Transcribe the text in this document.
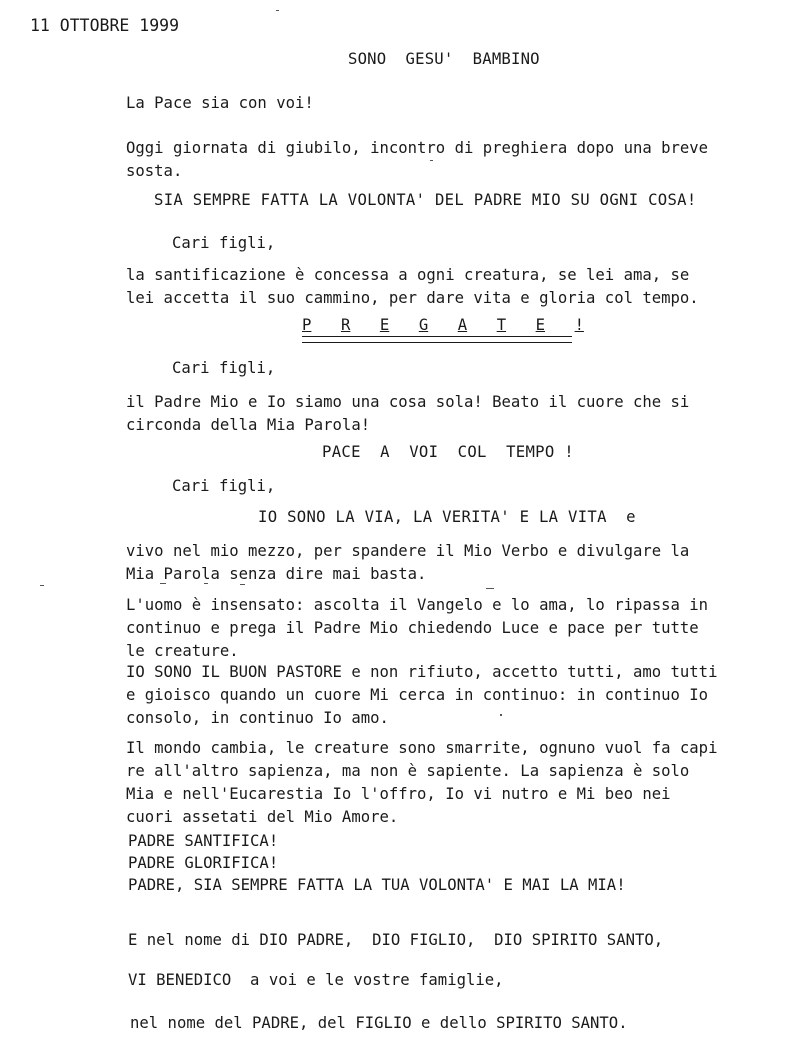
11 OTTOBRE 1999
SONO  GESU'  BAMBINO
La Pace sia con voi!
Oggi giornata di giubilo, incontro di preghiera dopo una breve sosta.
SIA SEMPRE FATTA LA VOLONTA' DEL PADRE MIO SU OGNI COSA!
Cari figli,
la santificazione è concessa a ogni creatura, se lei ama, se lei accetta il suo cammino, per dare vita e gloria col tempo.
P R E G A T E !
Cari figli,
il Padre Mio e Io siamo una cosa sola! Beato il cuore che si circonda della Mia Parola!
PACE  A  VOI  COL  TEMPO !
Cari figli,
IO SONO LA VIA, LA VERITA' E LA VITA  e
vivo nel mio mezzo, per spandere il Mio Verbo e divulgare la Mia Parola senza dire mai basta.
L'uomo è insensato: ascolta il Vangelo e lo ama, lo ripassa in continuo e prega il Padre Mio chiedendo Luce e pace per tutte le creature.
IO SONO IL BUON PASTORE e non rifiuto, accetto tutti, amo tutti e gioisco quando un cuore Mi cerca in continuo: in continuo Io consolo, in continuo Io amo.
Il mondo cambia, le creature sono smarrite, ognuno vuol fa capi re all'altro sapienza, ma non è sapiente. La sapienza è solo Mia e nell'Eucarestia Io l'offro, Io vi nutro e Mi beo nei cuori assetati del Mio Amore.
PADRE SANTIFICA!
PADRE GLORIFICA!
PADRE, SIA SEMPRE FATTA LA TUA VOLONTA' E MAI LA MIA!
E nel nome di DIO PADRE,  DIO FIGLIO,  DIO SPIRITO SANTO,
VI BENEDICO  a voi e le vostre famiglie,
nel nome del PADRE, del FIGLIO e dello SPIRITO SANTO.
